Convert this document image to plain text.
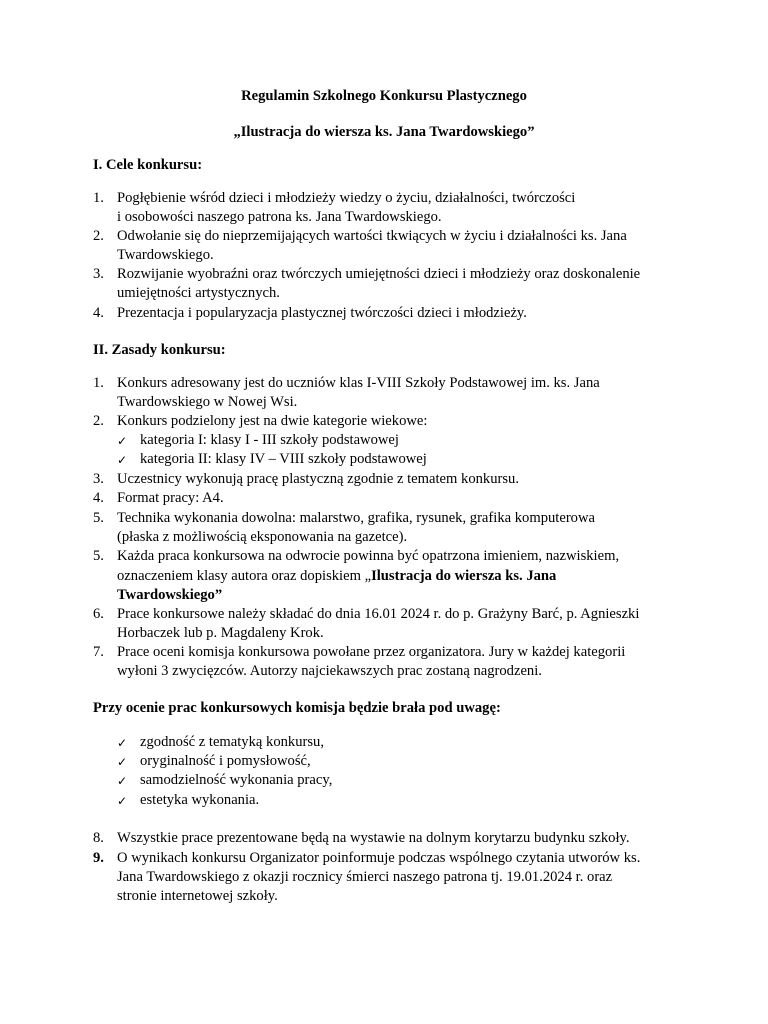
Regulamin Szkolnego Konkursu Plastycznego
„Ilustracja do wiersza ks. Jana Twardowskiego”
I. Cele konkursu:
1. Pogłębienie wśród dzieci i młodzieży wiedzy o życiu, działalności, twórczości
i osobowości naszego patrona ks. Jana Twardowskiego.
2. Odwołanie się do nieprzemijających wartości tkwiących w życiu i działalności ks. Jana
Twardowskiego.
3. Rozwijanie wyobraźni oraz twórczych umiejętności dzieci i młodzieży oraz doskonalenie
umiejętności artystycznych.
4. Prezentacja i popularyzacja plastycznej twórczości dzieci i młodzieży.
II. Zasady konkursu:
1. Konkurs adresowany jest do uczniów klas I-VIII Szkoły Podstawowej im. ks. Jana
Twardowskiego w Nowej Wsi.
2. Konkurs podzielony jest na dwie kategorie wiekowe:
✓ kategoria I: klasy I - III szkoły podstawowej
✓ kategoria II: klasy IV – VIII szkoły podstawowej
3. Uczestnicy wykonują pracę plastyczną zgodnie z tematem konkursu.
4. Format pracy: A4.
5. Technika wykonania dowolna: malarstwo, grafika, rysunek, grafika komputerowa
(płaska z możliwością eksponowania na gazetce).
5. Każda praca konkursowa na odwrocie powinna być opatrzona imieniem, nazwiskiem,
oznaczeniem klasy autora oraz dopiskiem „Ilustracja do wiersza ks. Jana
Twardowskiego”
6. Prace konkursowe należy składać do dnia 16.01 2024 r. do p. Grażyny Barć, p. Agnieszki
Horbaczek lub p. Magdaleny Krok.
7. Prace oceni komisja konkursowa powołane przez organizatora. Jury w każdej kategorii
wyłoni 3 zwycięzców. Autorzy najciekawszych prac zostaną nagrodzeni.
Przy ocenie prac konkursowych komisja będzie brała pod uwagę:
✓ zgodność z tematyką konkursu,
✓ oryginalność i pomysłowość,
✓ samodzielność wykonania pracy,
✓ estetyka wykonania.
8. Wszystkie prace prezentowane będą na wystawie na dolnym korytarzu budynku szkoły.
9. O wynikach konkursu Organizator poinformuje podczas wspólnego czytania utworów ks.
Jana Twardowskiego z okazji rocznicy śmierci naszego patrona tj. 19.01.2024 r. oraz
stronie internetowej szkoły.
